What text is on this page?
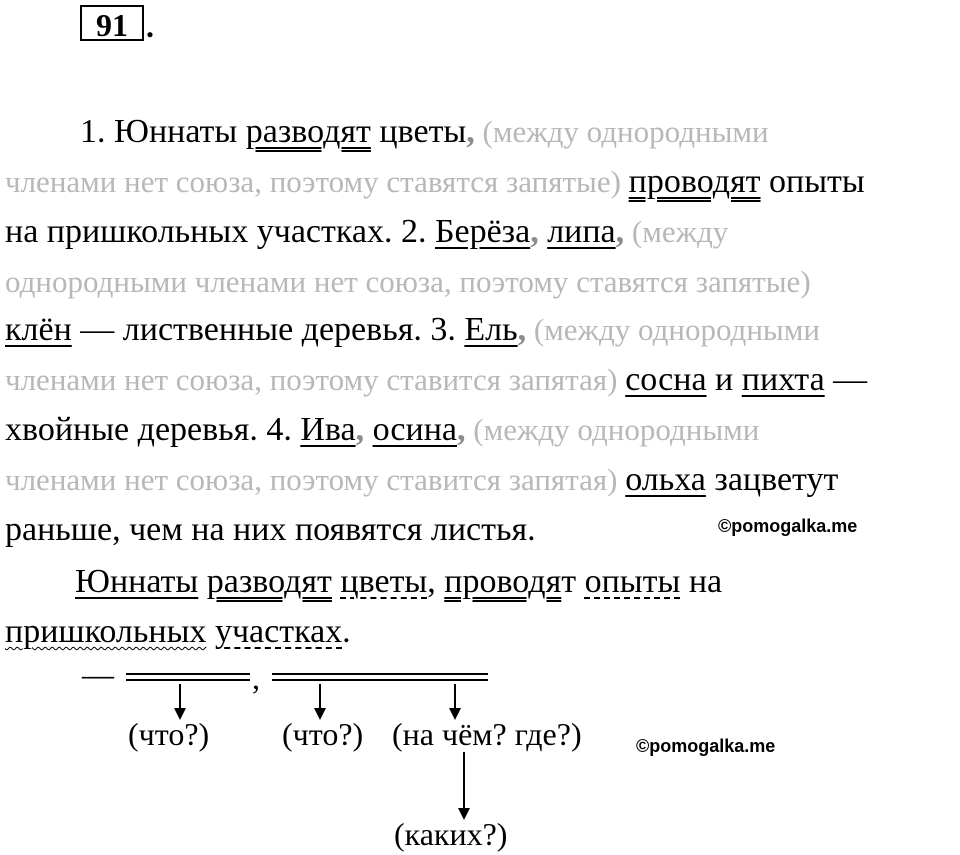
91 .
1. Юннаты разводят цветы, (между однородными
членами нет союза, поэтому ставятся запятые) проводят опыты
на пришкольных участках. 2. Берёза, липа, (между
однородными членами нет союза, поэтому ставятся запятые)
клён — лиственные деревья. 3. Ель, (между однородными
членами нет союза, поэтому ставится запятая) сосна и пихта —
хвойные деревья. 4. Ива, осина, (между однородными
членами нет союза, поэтому ставится запятая) ольха зацветут
раньше, чем на них появятся листья.	©pomogalka.me
Юннаты разводят цветы, проводят опыты на
пришкольных участках.
—	,
(что?) (что?) (на чём? где?)	©pomogalka.me
(каких?)
